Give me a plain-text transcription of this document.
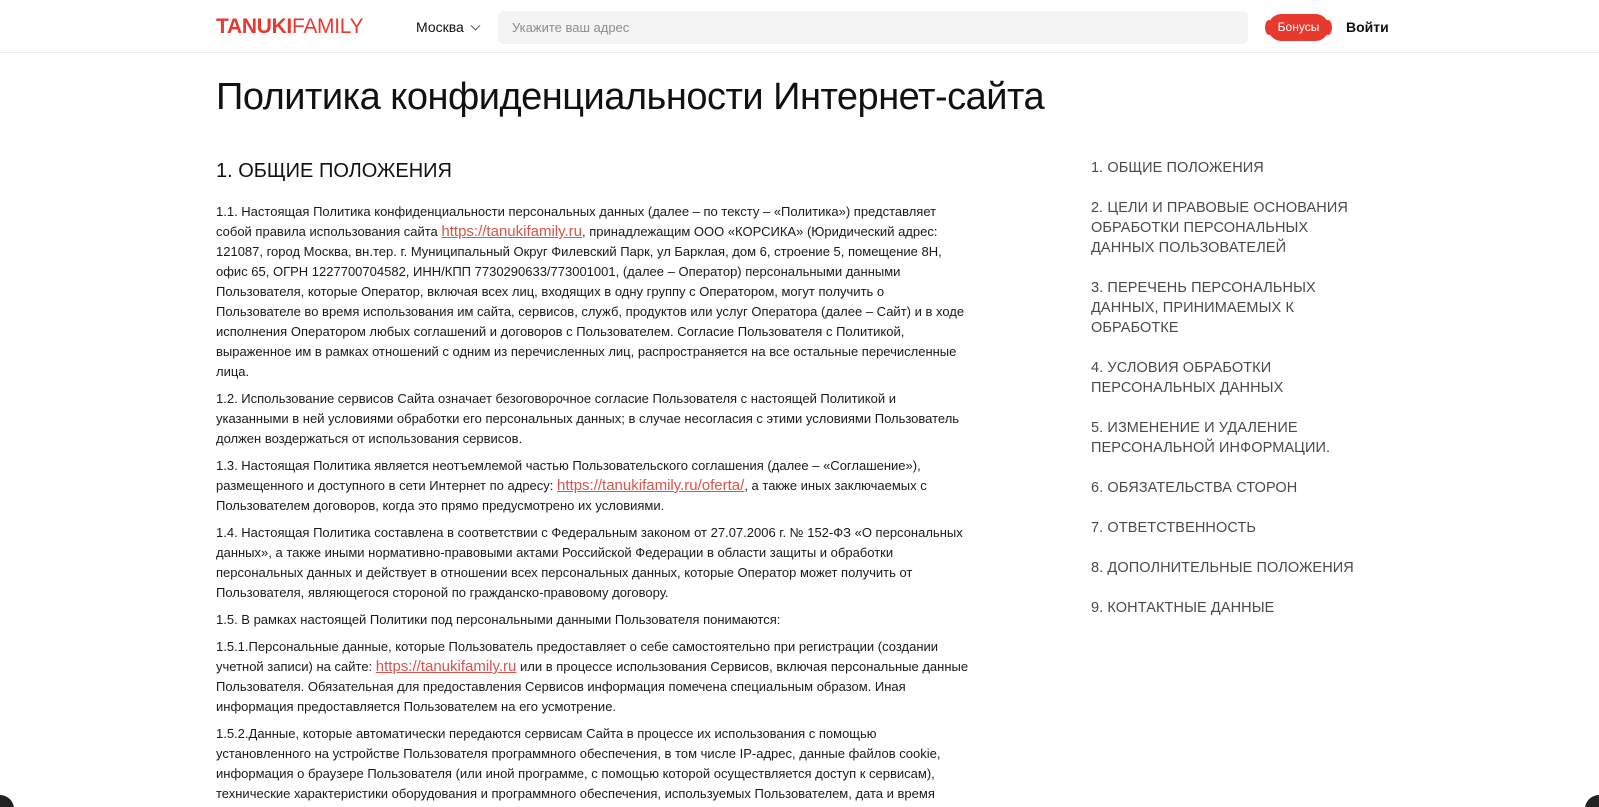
TANUKIFAMILY	Москва
Укажите ваш адрес	Бонусы	Войти
Политика конфиденциальности Интернет-сайта
1. ОБЩИЕ ПОЛОЖЕНИЯ

1.1. Настоящая Политика конфиденциальности персональных данных (далее – по тексту – «Политика») представляет собой правила использования сайта https://tanukifamily.ru, принадлежащим ООО «КОРСИКА» (Юридический адрес: 121087, город Москва, вн.тер. г. Муниципальный Округ Филевский Парк, ул Барклая, дом 6, строение 5, помещение 8Н, офис 65, ОГРН 1227700704582, ИНН/КПП 7730290633/773001001, (далее – Оператор) персональными данными Пользователя, которые Оператор, включая всех лиц, входящих в одну группу с Оператором, могут получить о Пользователе во время использования им сайта, сервисов, служб, продуктов или услуг Оператора (далее – Сайт) и в ходе исполнения Оператором любых соглашений и договоров с Пользователем. Согласие Пользователя с Политикой, выраженное им в рамках отношений с одним из перечисленных лиц, распространяется на все остальные перечисленные лица.

1.2. Использование сервисов Сайта означает безоговорочное согласие Пользователя с настоящей Политикой и указанными в ней условиями обработки его персональных данных; в случае несогласия с этими условиями Пользователь должен воздержаться от использования сервисов.

1.3. Настоящая Политика является неотъемлемой частью Пользовательского соглашения (далее – «Соглашение»), размещенного и доступного в сети Интернет по адресу: https://tanukifamily.ru/oferta/, а также иных заключаемых с Пользователем договоров, когда это прямо предусмотрено их условиями.

1.4. Настоящая Политика составлена в соответствии с Федеральным законом от 27.07.2006 г. № 152-ФЗ «О персональных данных», а также иными нормативно-правовыми актами Российской Федерации в области защиты и обработки персональных данных и действует в отношении всех персональных данных, которые Оператор может получить от Пользователя, являющегося стороной по гражданско-правовому договору.

1.5. В рамках настоящей Политики под персональными данными Пользователя понимаются:

1.5.1.Персональные данные, которые Пользователь предоставляет о себе самостоятельно при регистрации (создании учетной записи) на сайте: https://tanukifamily.ru или в процессе использования Сервисов, включая персональные данные Пользователя. Обязательная для предоставления Сервисов информация помечена специальным образом. Иная информация предоставляется Пользователем на его усмотрение.

1.5.2.Данные, которые автоматически передаются сервисам Сайта в процессе их использования с помощью установленного на устройстве Пользователя программного обеспечения, в том числе IP-адрес, данные файлов cookie, информация о браузере Пользователя (или иной программе, с помощью которой осуществляется доступ к сервисам), технические характеристики оборудования и программного обеспечения, используемых Пользователем, дата и время

1. ОБЩИЕ ПОЛОЖЕНИЯ
2. ЦЕЛИ И ПРАВОВЫЕ ОСНОВАНИЯ ОБРАБОТКИ ПЕРСОНАЛЬНЫХ ДАННЫХ ПОЛЬЗОВАТЕЛЕЙ
3. ПЕРЕЧЕНЬ ПЕРСОНАЛЬНЫХ ДАННЫХ, ПРИНИМАЕМЫХ К ОБРАБОТКЕ
4. УСЛОВИЯ ОБРАБОТКИ ПЕРСОНАЛЬНЫХ ДАННЫХ
5. ИЗМЕНЕНИЕ И УДАЛЕНИЕ ПЕРСОНАЛЬНОЙ ИНФОРМАЦИИ.
6. ОБЯЗАТЕЛЬСТВА СТОРОН
7. ОТВЕТСТВЕННОСТЬ
8. ДОПОЛНИТЕЛЬНЫЕ ПОЛОЖЕНИЯ
9. КОНТАКТНЫЕ ДАННЫЕ
